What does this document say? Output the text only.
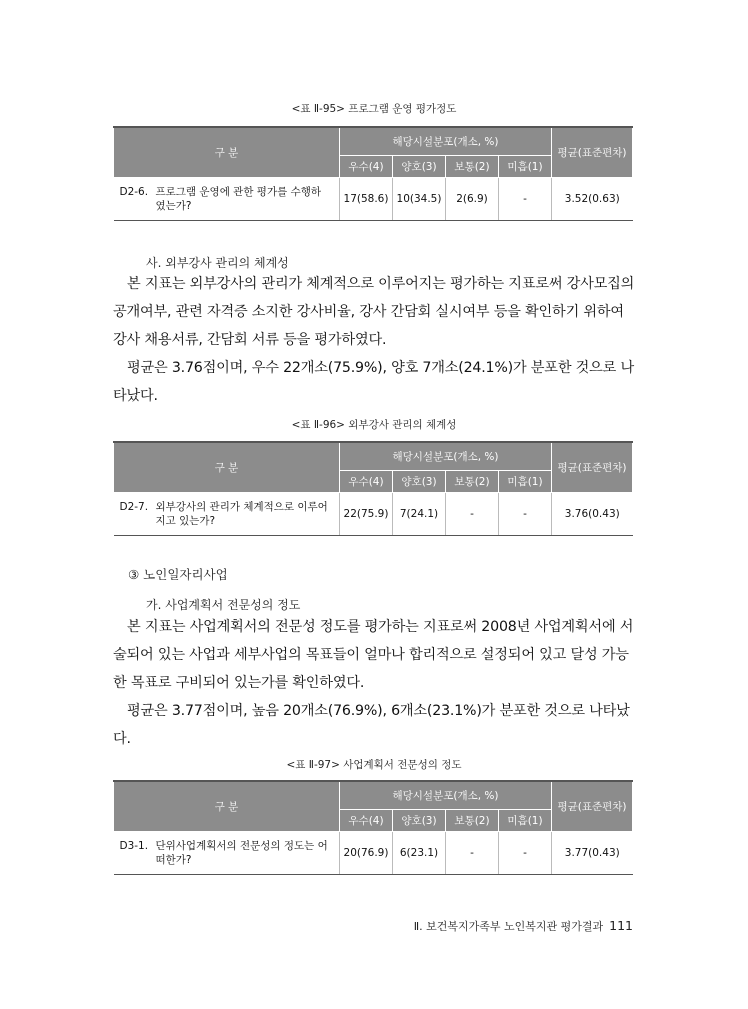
<표 Ⅱ-95> 프로그램 운영 평가정도
구 분	해당시설분포(개소, %)				평균(표준편차)
	우수(4)	양호(3)	보통(2)	미흡(1)	
D2-6. 프로그램 운영에 관한 평가를 수행하
였는가?	17(58.6)	10(34.5)	2(6.9)	-	3.52(0.63)
사. 외부강사 관리의 체계성

본 지표는 외부강사의 관리가 체계적으로 이루어지는 평가하는 지표로써 강사모집의 공개여부, 관련 자격증 소지한 강사비율, 강사 간담회 실시여부 등을 확인하기 위하여 강사 채용서류, 간담회 서류 등을 평가하였다.

평균은 3.76점이며, 우수 22개소(75.9%), 양호 7개소(24.1%)가 분포한 것으로 나타났다.

<표 Ⅱ-96> 외부강사 관리의 체계성
구 분	해당시설분포(개소, %)				평균(표준편차)
	우수(4)	양호(3)	보통(2)	미흡(1)	
D2-7. 외부강사의 관리가 체계적으로 이루어
지고 있는가?	22(75.9)	7(24.1)	-	-	3.76(0.43)
③ 노인일자리사업
가. 사업계획서 전문성의 정도

본 지표는 사업계획서의 전문성 정도를 평가하는 지표로써 2008년 사업계획서에 서술되어 있는 사업과 세부사업의 목표들이 얼마나 합리적으로 설정되어 있고 달성 가능한 목표로 구비되어 있는가를 확인하였다.

평균은 3.77점이며, 높음 20개소(76.9%), 6개소(23.1%)가 분포한 것으로 나타났다.

<표 Ⅱ-97> 사업계획서 전문성의 정도
구 분	해당시설분포(개소, %)				평균(표준편차)
	우수(4)	양호(3)	보통(2)	미흡(1)	
D3-1. 단위사업계획서의 전문성의 정도는 어
떠한가?	20(76.9)	6(23.1)	-	-	3.77(0.43)
Ⅱ. 보건복지가족부 노인복지관 평가결과 111
